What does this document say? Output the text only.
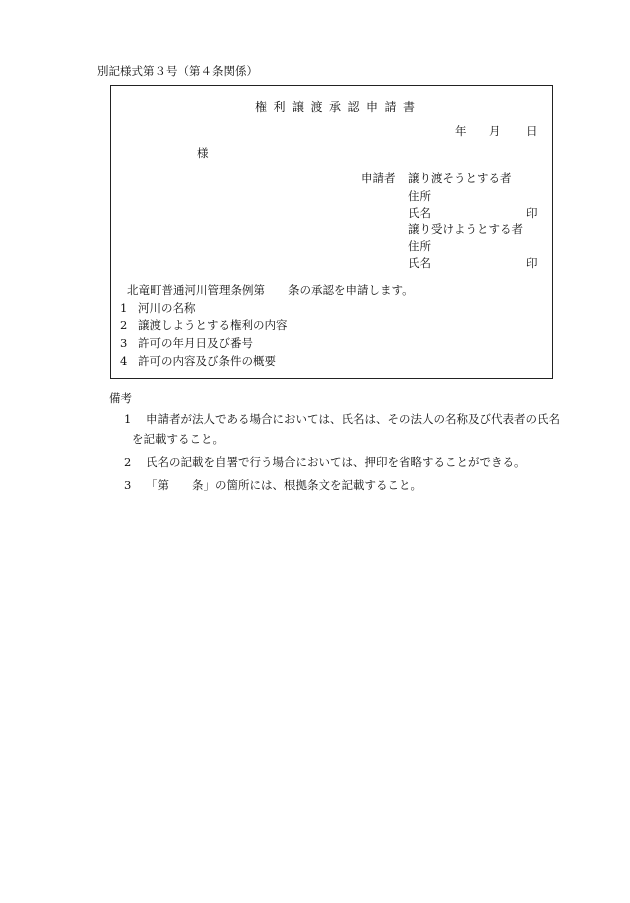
別記様式第３号（第４条関係）
権利譲渡承認申請書
年 月 日
様
申請者 譲り渡そうとする者
住所
氏名	印
譲り受けようとする者
住所
氏名	印
北竜町普通河川管理条例第　　条の承認を申請します。
1 河川の名称
2 譲渡しようとする権利の内容
3 許可の年月日及び番号
4 許可の内容及び条件の概要
備考
1 申請者が法人である場合においては、氏名は、その法人の名称及び代表者の氏名
を記載すること。
2 氏名の記載を自署で行う場合においては、押印を省略することができる。
3 「第　　条」の箇所には、根拠条文を記載すること。
